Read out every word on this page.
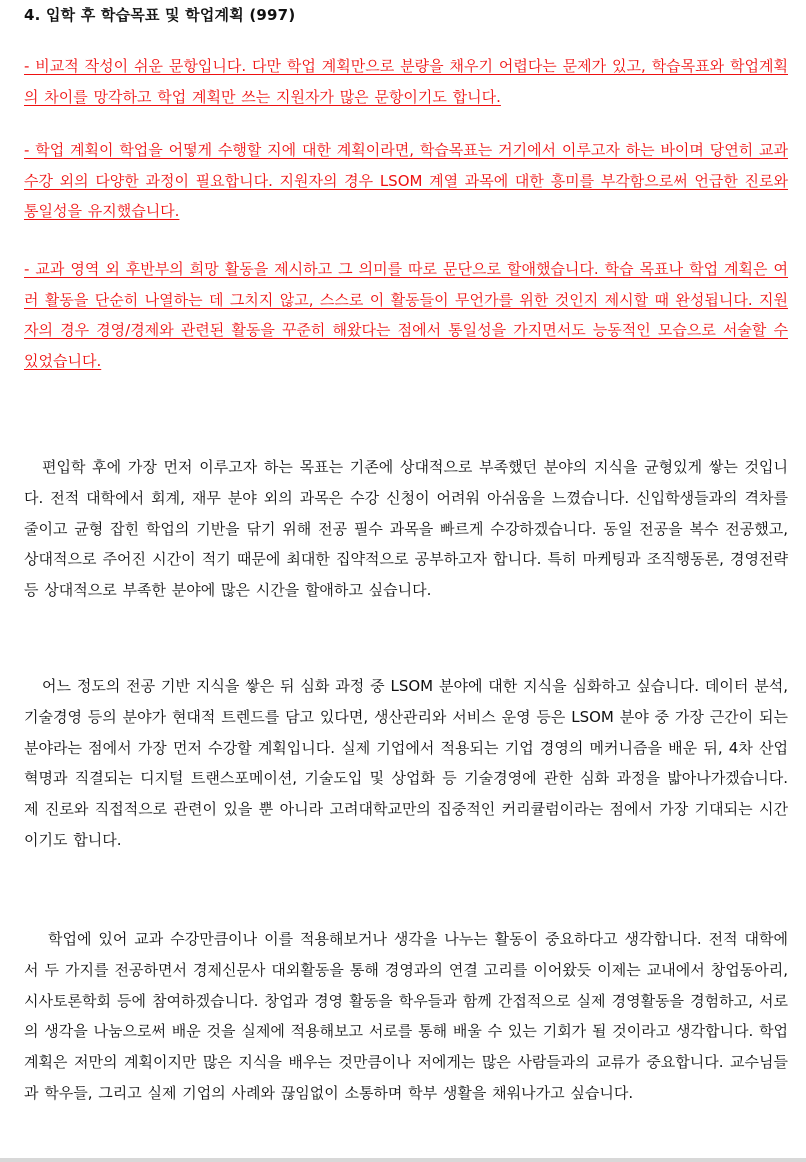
4. 입학 후 학습목표 및 학업계획 (997)

- 비교적 작성이 쉬운 문항입니다. 다만 학업 계획만으로 분량을 채우기 어렵다는 문제가 있고, 학습목표와 학업계획의 차이를 망각하고 학업 계획만 쓰는 지원자가 많은 문항이기도 합니다.

- 학업 계획이 학업을 어떻게 수행할 지에 대한 계획이라면, 학습목표는 거기에서 이루고자 하는 바이며 당연히 교과 수강 외의 다양한 과정이 필요합니다. 지원자의 경우 LSOM 계열 과목에 대한 흥미를 부각함으로써 언급한 진로와 통일성을 유지했습니다.

- 교과 영역 외 후반부의 희망 활동을 제시하고 그 의미를 따로 문단으로 할애했습니다. 학습 목표나 학업 계획은 여러 활동을 단순히 나열하는 데 그치지 않고, 스스로 이 활동들이 무언가를 위한 것인지 제시할 때 완성됩니다. 지원자의 경우 경영/경제와 관련된 활동을 꾸준히 해왔다는 점에서 통일성을 가지면서도 능동적인 모습으로 서술할 수 있었습니다.

편입학 후에 가장 먼저 이루고자 하는 목표는 기존에 상대적으로 부족했던 분야의 지식을 균형있게 쌓는 것입니다. 전적 대학에서 회계, 재무 분야 외의 과목은 수강 신청이 어려워 아쉬움을 느꼈습니다. 신입학생들과의 격차를 줄이고 균형 잡힌 학업의 기반을 닦기 위해 전공 필수 과목을 빠르게 수강하겠습니다. 동일 전공을 복수 전공했고, 상대적으로 주어진 시간이 적기 때문에 최대한 집약적으로 공부하고자 합니다. 특히 마케팅과 조직행동론, 경영전략 등 상대적으로 부족한 분야에 많은 시간을 할애하고 싶습니다.

어느 정도의 전공 기반 지식을 쌓은 뒤 심화 과정 중 LSOM 분야에 대한 지식을 심화하고 싶습니다. 데이터 분석, 기술경영 등의 분야가 현대적 트렌드를 담고 있다면, 생산관리와 서비스 운영 등은 LSOM 분야 중 가장 근간이 되는 분야라는 점에서 가장 먼저 수강할 계획입니다. 실제 기업에서 적용되는 기업 경영의 메커니즘을 배운 뒤, 4차 산업혁명과 직결되는 디지털 트랜스포메이션, 기술도입 및 상업화 등 기술경영에 관한 심화 과정을 밟아나가겠습니다. 제 진로와 직접적으로 관련이 있을 뿐 아니라 고려대학교만의 집중적인 커리큘럼이라는 점에서 가장 기대되는 시간이기도 합니다.

학업에 있어 교과 수강만큼이나 이를 적용해보거나 생각을 나누는 활동이 중요하다고 생각합니다. 전적 대학에서 두 가지를 전공하면서 경제신문사 대외활동을 통해 경영과의 연결 고리를 이어왔듯 이제는 교내에서 창업동아리, 시사토론학회 등에 참여하겠습니다. 창업과 경영 활동을 학우들과 함께 간접적으로 실제 경영활동을 경험하고, 서로의 생각을 나눔으로써 배운 것을 실제에 적용해보고 서로를 통해 배울 수 있는 기회가 될 것이라고 생각합니다. 학업 계획은 저만의 계획이지만 많은 지식을 배우는 것만큼이나 저에게는 많은 사람들과의 교류가 중요합니다. 교수님들과 학우들, 그리고 실제 기업의 사례와 끊임없이 소통하며 학부 생활을 채워나가고 싶습니다.
